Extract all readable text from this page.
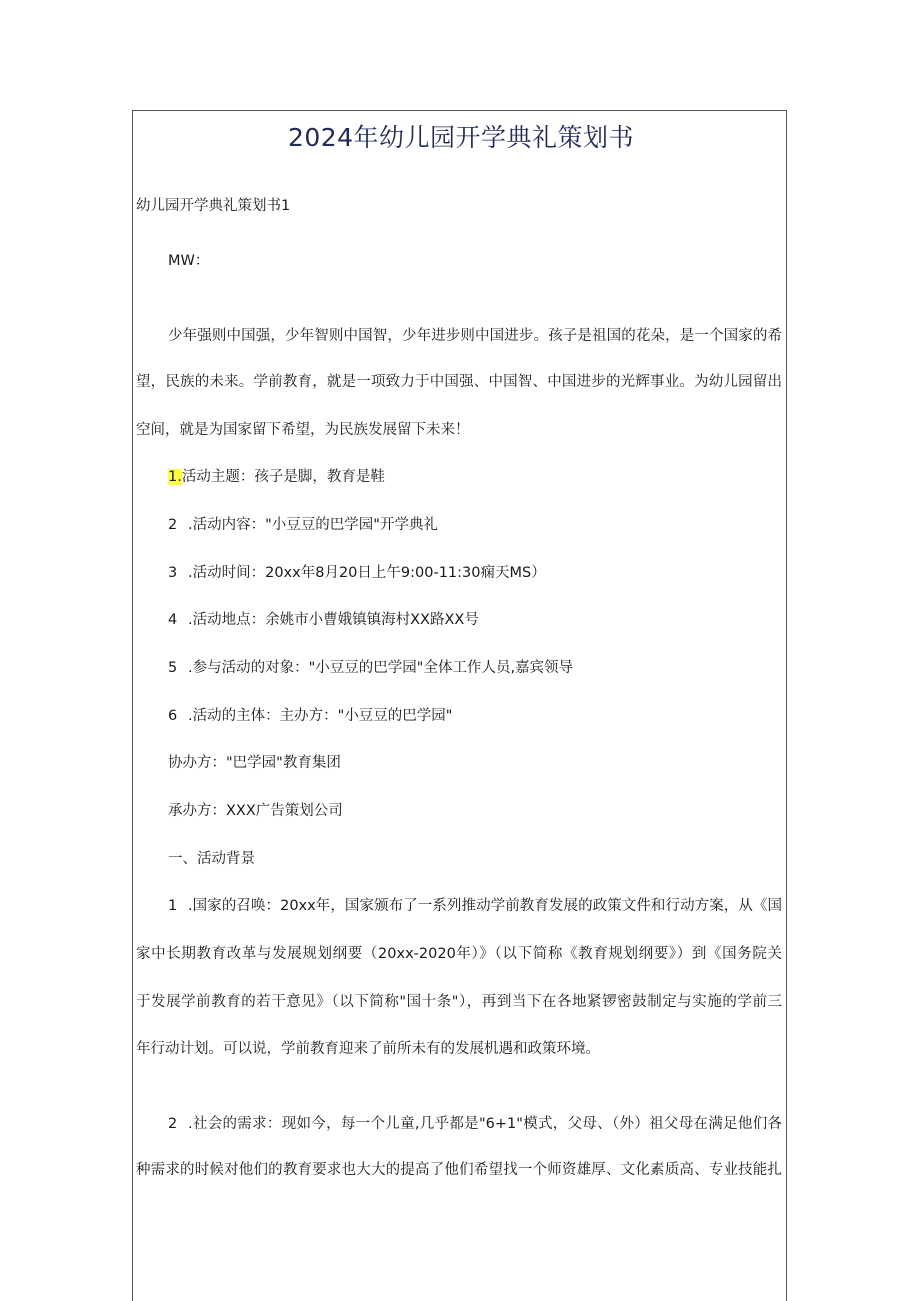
2024年幼儿园开学典礼策划书
幼儿园开学典礼策划书1
MW：
少年强则中国强，少年智则中国智，少年进步则中国进步。孩子是祖国的花朵，是一个国家的希
望，民族的未来。学前教育，就是一项致力于中国强、中国智、中国进步的光辉事业。为幼儿园留出
空间，就是为国家留下希望，为民族发展留下未来！
1.活动主题：孩子是脚，教育是鞋
2 .活动内容："小豆豆的巴学园"开学典礼
3 .活动时间：20xx年8月20日上午9:00-11:30痫天MS）
4 .活动地点：余姚市小曹娥镇镇海村XX路XX号
5 .参与活动的对象："小豆豆的巴学园"全体工作人员,嘉宾领导
6 .活动的主体：主办方："小豆豆的巴学园"
协办方："巴学园"教育集团
承办方：XXX广告策划公司
一、活动背景
1 .国家的召唤：20xx年，国家颁布了一系列推动学前教育发展的政策文件和行动方案，从《国
家中长期教育改革与发展规划纲要（20xx-2020年）》（以下简称《教育规划纲要》）到《国务院关
于发展学前教育的若干意见》（以下简称"国十条"），再到当下在各地紧锣密鼓制定与实施的学前三
年行动计划。可以说，学前教育迎来了前所未有的发展机遇和政策环境。
2 .社会的需求：现如今，每一个儿童,几乎都是"6+1"模式，父母、（外）祖父母在满足他们各
种需求的时候对他们的教育要求也大大的提高了他们希望找一个师资雄厚、文化素质高、专业技能扎
